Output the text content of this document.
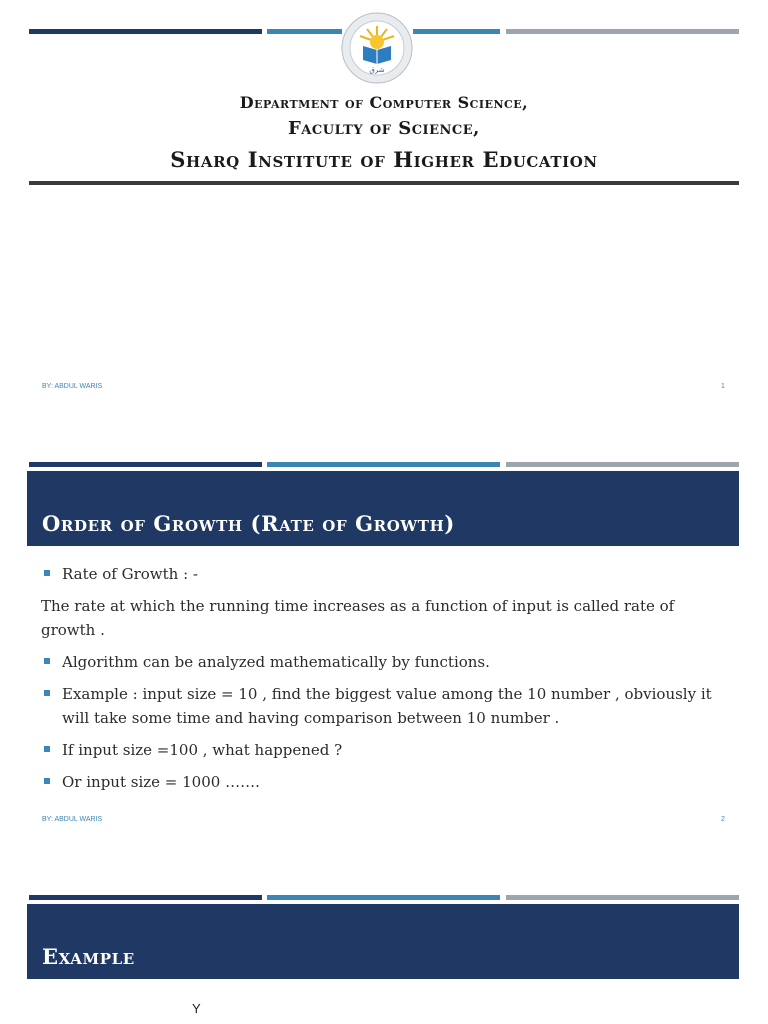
شرق
Department of Computer Science,
Faculty of Science,
Sharq Institute of Higher Education
BY: ABDUL WARIS	1
Order of Growth (Rate of Growth)
Rate of Growth : -
The rate at which the running time increases as a function of input is called rate of growth .
Algorithm can be analyzed mathematically by functions.
Example : input size = 10 , find the biggest value among the 10 number , obviously it will take some time and having comparison between 10 number .
If input size =100 , what happened ?
Or input size = 1000 …….
BY: ABDUL WARIS	2
Example
Y
